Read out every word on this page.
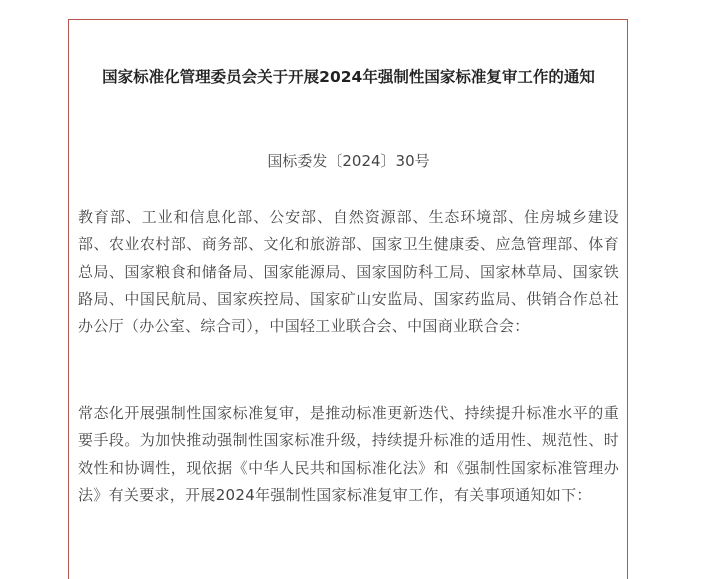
国家标准化管理委员会关于开展2024年强制性国家标准复审工作的通知
国标委发〔2024〕30号

教育部、工业和信息化部、公安部、自然资源部、生态环境部、住房城乡建设部、农业农村部、商务部、文化和旅游部、国家卫生健康委、应急管理部、体育总局、国家粮食和储备局、国家能源局、国家国防科工局、国家林草局、国家铁路局、中国民航局、国家疾控局、国家矿山安监局、国家药监局、供销合作总社办公厅（办公室、综合司），中国轻工业联合会、中国商业联合会：

常态化开展强制性国家标准复审，是推动标准更新迭代、持续提升标准水平的重要手段。为加快推动强制性国家标准升级，持续提升标准的适用性、规范性、时效性和协调性，现依据《中华人民共和国标准化法》和《强制性国家标准管理办法》有关要求，开展2024年强制性国家标准复审工作，有关事项通知如下：
